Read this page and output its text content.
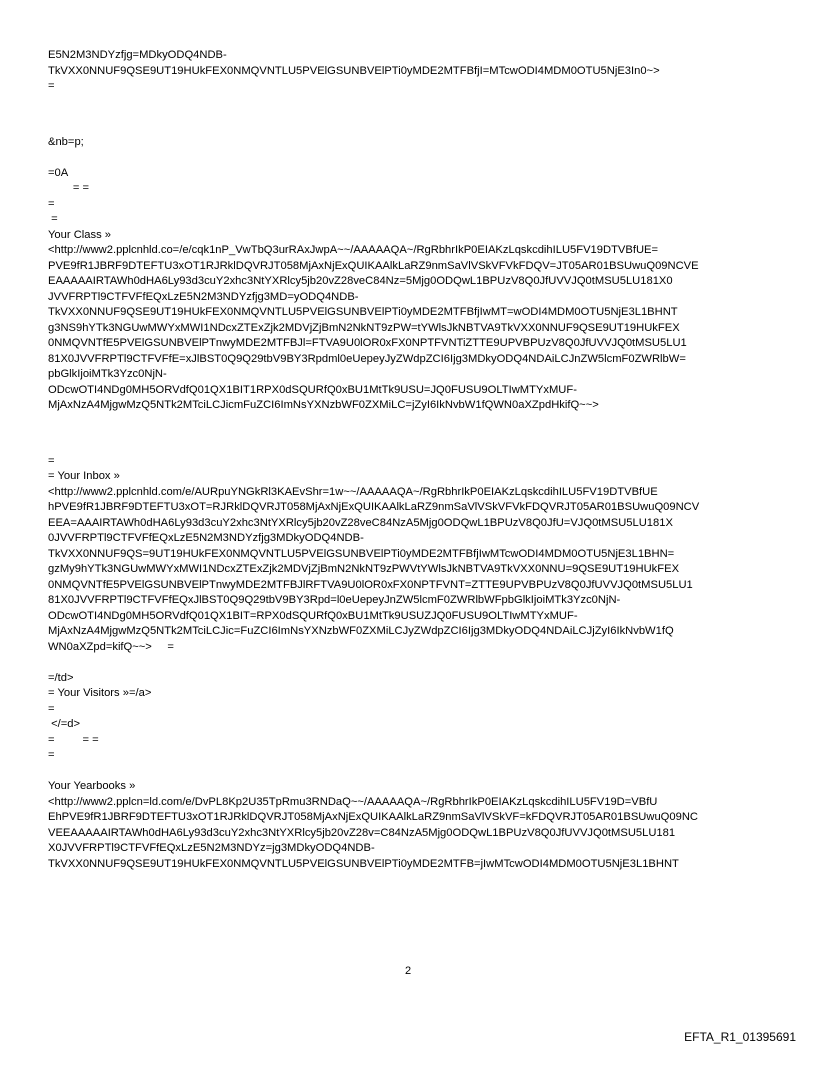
E5N2M3NDYzfjg=MDkyODQ4NDB-
TkVXX0NNUF9QSE9UT19HUkFEX0NMQVNTLU5PVElGSUNBVElPTi0yMDE2MTFBfjI=MTcwODI4MDM0OTU5NjE3In0~>
=
&nb=p;
=0A
= =
=
=
Your Class »
<http://www2.pplcnhld.co=/e/cqk1nP_VwTbQ3urRAxJwpA~~/AAAAAQA~/RgRbhrIkP0EIAKzLqskcdihILU5FV19DTVBfUE=
PVE9fR1JBRF9DTEFTU3xOT1RJRklDQVRJT058MjAxNjExQUIKAAlkLaRZ9nmSaVlVSkVFVkFDQV=JT05AR01BSUwuQ09NCVE
EAAAAAIRTAWh0dHA6Ly93d3cuY2xhc3NtYXRlcy5jb20vZ28veC84Nz=5Mjg0ODQwL1BPUzV8Q0JfUVVJQ0tMSU5LU181X0
JVVFRPTl9CTFVFfEQxLzE5N2M3NDYzfjg3MD=yODQ4NDB-
TkVXX0NNUF9QSE9UT19HUkFEX0NMQVNTLU5PVElGSUNBVElPTi0yMDE2MTFBfjIwMT=wODI4MDM0OTU5NjE3L1BHNT
g3NS9hYTk3NGUwMWYxMWI1NDcxZTExZjk2MDVjZjBmN2NkNT9zPW=tYWlsJkNBTVA9TkVXX0NNUF9QSE9UT19HUkFEX
0NMQVNTfE5PVElGSUNBVElPTnwyMDE2MTFBJl=FTVA9U0lOR0xFX0NPTFVNTiZTTE9UPVBPUzV8Q0JfUVVJQ0tMSU5LU1
81X0JVVFRPTl9CTFVFfE=xJlBST0Q9Q29tbV9BY3Rpdml0eUepeyJyZWdpZCI6Ijg3MDkyODQ4NDAiLCJnZW5lcmF0ZWRlbW=
pbGlkIjoiMTk3Yzc0NjN-
ODcwOTI4NDg0MH5ORVdfQ01QX1BIT1RPX0dSQURfQ0xBU1MtTk9USU=JQ0FUSU9OLTIwMTYxMUF-
MjAxNzA4MjgwMzQ5NTk2MTciLCJicmFuZCI6ImNsYXNzbWF0ZXMiLC=jZyI6IkNvbW1fQWN0aXZpdHkifQ~~>
=
= Your Inbox »
<http://www2.pplcnhld.com/e/AURpuYNGkRl3KAEvShr=1w~~/AAAAAQA~/RgRbhrIkP0EIAKzLqskcdihILU5FV19DTVBfUE
hPVE9fR1JBRF9DTEFTU3xOT=RJRklDQVRJT058MjAxNjExQUIKAAlkLaRZ9nmSaVlVSkVFVkFDQVRJT05AR01BSUwuQ09NCV
EEA=AAAIRTAWh0dHA6Ly93d3cuY2xhc3NtYXRlcy5jb20vZ28veC84NzA5Mjg0ODQwL1BPUzV8Q0JfU=VJQ0tMSU5LU181X
0JVVFRPTl9CTFVFfEQxLzE5N2M3NDYzfjg3MDkyODQ4NDB-
TkVXX0NNUF9QS=9UT19HUkFEX0NMQVNTLU5PVElGSUNBVElPTi0yMDE2MTFBfjIwMTcwODI4MDM0OTU5NjE3L1BHN=
gzMy9hYTk3NGUwMWYxMWI1NDcxZTExZjk2MDVjZjBmN2NkNT9zPWVtYWlsJkNBTVA9TkVXX0NNU=9QSE9UT19HUkFEX
0NMQVNTfE5PVElGSUNBVElPTnwyMDE2MTFBJlRFTVA9U0lOR0xFX0NPTFVNT=ZTTE9UPVBPUzV8Q0JfUVVJQ0tMSU5LU1
81X0JVVFRPTl9CTFVFfEQxJlBST0Q9Q29tbV9BY3Rpd=l0eUepeyJnZW5lcmF0ZWRlbWFpbGlkIjoiMTk3Yzc0NjN-
ODcwOTI4NDg0MH5ORVdfQ01QX1BIT=RPX0dSQURfQ0xBU1MtTk9USUZJQ0FUSU9OLTIwMTYxMUF-
MjAxNzA4MjgwMzQ5NTk2MTciLCJic=FuZCI6ImNsYXNzbWF0ZXMiLCJyZWdpZCI6Ijg3MDkyODQ4NDAiLCJjZyI6IkNvbW1fQ
WN0aXZpd=kifQ~~>     =
=/td>
= Your Visitors »=/a>
=
</=d>
=         = =
=
Your Yearbooks »
<http://www2.pplcn=ld.com/e/DvPL8Kp2U35TpRmu3RNDaQ~~/AAAAAQA~/RgRbhrIkP0EIAKzLqskcdihILU5FV19D=VBfU
EhPVE9fR1JBRF9DTEFTU3xOT1RJRklDQVRJT058MjAxNjExQUIKAAlkLaRZ9nmSaVlVSkVF=kFDQVRJT05AR01BSUwuQ09NC
VEEAAAAAIRTAWh0dHA6Ly93d3cuY2xhc3NtYXRlcy5jb20vZ28v=C84NzA5Mjg0ODQwL1BPUzV8Q0JfUVVJQ0tMSU5LU181
X0JVVFRPTl9CTFVFfEQxLzE5N2M3NDYz=jg3MDkyODQ4NDB-
TkVXX0NNUF9QSE9UT19HUkFEX0NMQVNTLU5PVElGSUNBVElPTi0yMDE2MTFB=jIwMTcwODI4MDM0OTU5NjE3L1BHNT
2
EFTA_R1_01395691
